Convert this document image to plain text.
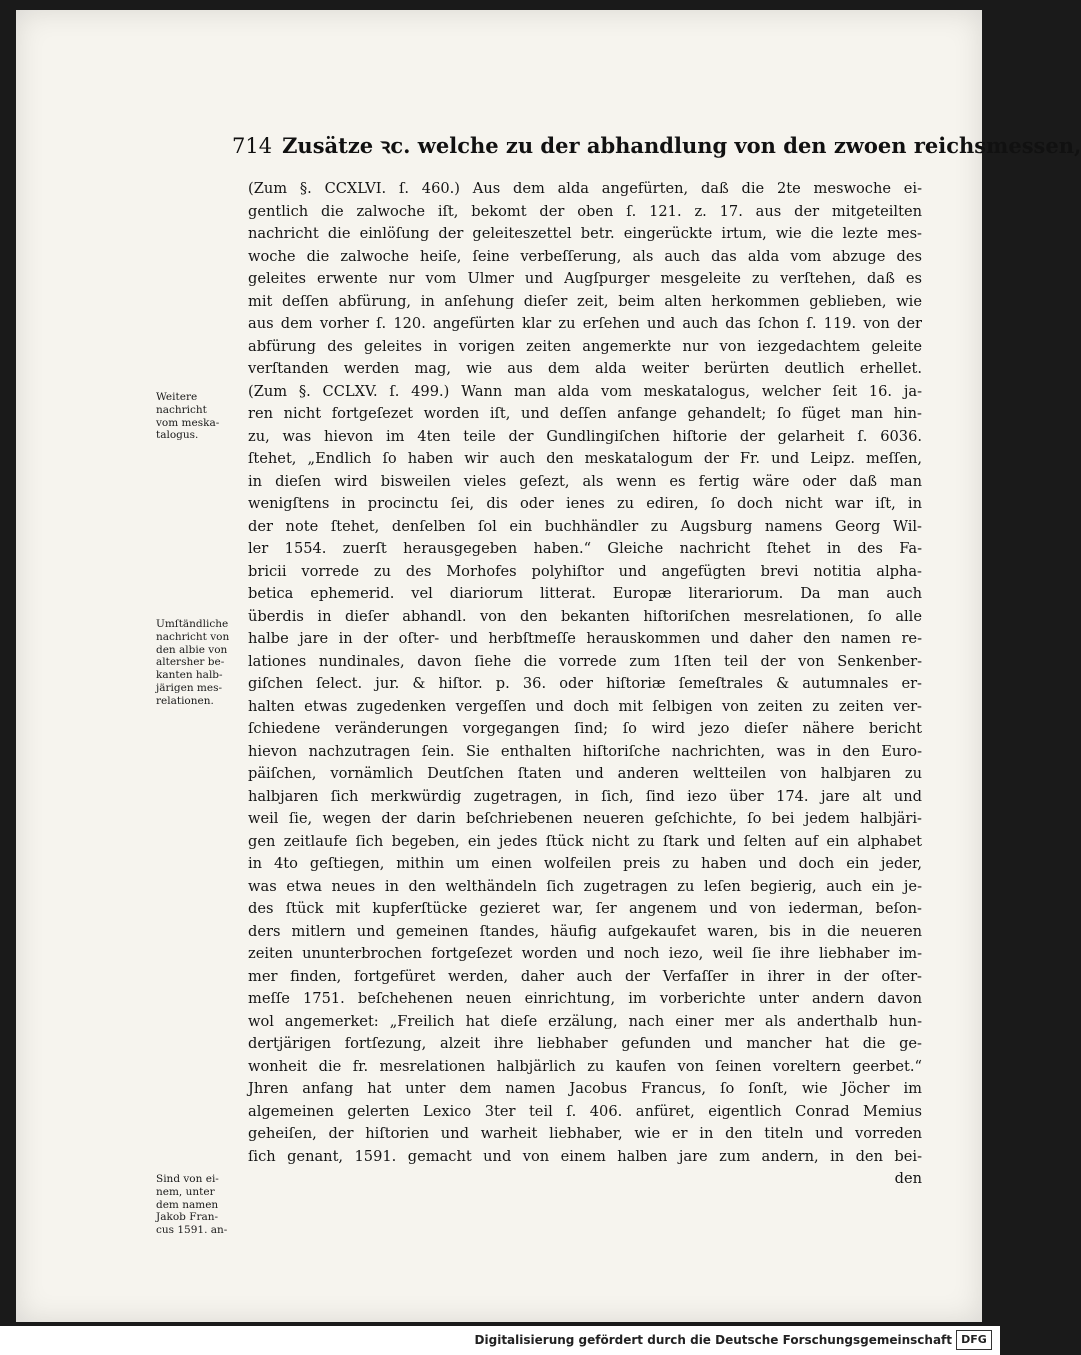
714 Zusätze ꝛc. welche zu der abhandlung von den zwoen reichsmessen,
(Zum §. CCXLVI. ſ. 460.) Aus dem alda angefürten, daß die 2te meswoche ei-
gentlich die zalwoche iſt, bekomt der oben ſ. 121. z. 17. aus der mitgeteilten
nachricht die einlöſung der geleiteszettel betr. eingerückte irtum, wie die lezte mes-
woche die zalwoche heiſe, ſeine verbeſſerung, als auch das alda vom abzuge des
geleites erwente nur vom Ulmer und Augſpurger mesgeleite zu verſtehen, daß es
mit deſſen abfürung, in anſehung dieſer zeit, beim alten herkommen geblieben, wie
aus dem vorher ſ. 120. angefürten klar zu erſehen und auch das ſchon ſ. 119. von der
abfürung des geleites in vorigen zeiten angemerkte nur von iezgedachtem geleite
verſtanden werden mag, wie aus dem alda weiter berürten deutlich erhellet.
(Zum §. CCLXV. ſ. 499.) Wann man alda vom meskatalogus, welcher ſeit 16. ja-
ren nicht fortgeſezet worden iſt, und deſſen anfange gehandelt; ſo füget man hin-
zu, was hievon im 4ten teile der Gundlingiſchen hiſtorie der gelarheit ſ. 6036.
ſtehet, „Endlich ſo haben wir auch den meskatalogum der Fr. und Leipz. meſſen,
in dieſen wird bisweilen vieles geſezt, als wenn es fertig wäre oder daß man
wenigſtens in procinctu ſei, dis oder ienes zu ediren, ſo doch nicht war iſt, in
der note ſtehet, denſelben ſol ein buchhändler zu Augsburg namens Georg Wil-
ler 1554. zuerſt herausgegeben haben.“ Gleiche nachricht ſtehet in des Fa-
bricii vorrede zu des Morhofes polyhiſtor und angefügten brevi notitia alpha-
betica ephemerid. vel diariorum litterat. Europæ literariorum. Da man auch
überdis in dieſer abhandl. von den bekanten hiſtoriſchen mesrelationen, ſo alle
halbe jare in der oſter- und herbſtmeſſe herauskommen und daher den namen re-
lationes nundinales, davon ſiehe die vorrede zum 1ſten teil der von Senkenber-
giſchen ſelect. jur. & hiſtor. p. 36. oder hiſtoriæ ſemeſtrales & autumnales er-
halten etwas zugedenken vergeſſen und doch mit ſelbigen von zeiten zu zeiten ver-
ſchiedene veränderungen vorgegangen ſind; ſo wird jezo dieſer nähere bericht
hievon nachzutragen ſein. Sie enthalten hiſtoriſche nachrichten, was in den Euro-
päiſchen, vornämlich Deutſchen ſtaten und anderen weltteilen von halbjaren zu
halbjaren ſich merkwürdig zugetragen, in ſich, ſind iezo über 174. jare alt und
weil ſie, wegen der darin beſchriebenen neueren geſchichte, ſo bei jedem halbjäri-
gen zeitlaufe ſich begeben, ein jedes ſtück nicht zu ſtark und ſelten auf ein alphabet
in 4to geſtiegen, mithin um einen wolfeilen preis zu haben und doch ein jeder,
was etwa neues in den welthändeln ſich zugetragen zu leſen begierig, auch ein je-
des ſtück mit kupferſtücke gezieret war, ſer angenem und von iederman, beſon-
ders mitlern und gemeinen ſtandes, häufig aufgekaufet waren, bis in die neueren
zeiten ununterbrochen fortgeſezet worden und noch iezo, weil ſie ihre liebhaber im-
mer finden, fortgefüret werden, daher auch der Verfaſſer in ihrer in der oſter-
meſſe 1751. beſchehenen neuen einrichtung, im vorberichte unter andern davon
wol angemerket: „Freilich hat dieſe erzälung, nach einer mer als anderthalb hun-
dertjärigen fortſezung, alzeit ihre liebhaber gefunden und mancher hat die ge-
wonheit die fr. mesrelationen halbjärlich zu kaufen von ſeinen voreltern geerbet.“
Jhren anfang hat unter dem namen Jacobus Francus, ſo ſonſt, wie Jöcher im
algemeinen gelerten Lexico 3ter teil ſ. 406. anfüret, eigentlich Conrad Memius
geheiſen, der hiſtorien und warheit liebhaber, wie er in den titeln und vorreden
ſich genant, 1591. gemacht und von einem halben jare zum andern, in den bei-
den
Weitere
nachricht
vom meska-
talogus.
Umſtändliche
nachricht von
den albie von
altersher be-
kanten halb-
järigen mes-
relationen.
Sind von ei-
nem, unter
dem namen
Jakob Fran-
cus 1591. an-
Digitalisierung gefördert durch die Deutsche Forschungsgemeinschaft DFG
